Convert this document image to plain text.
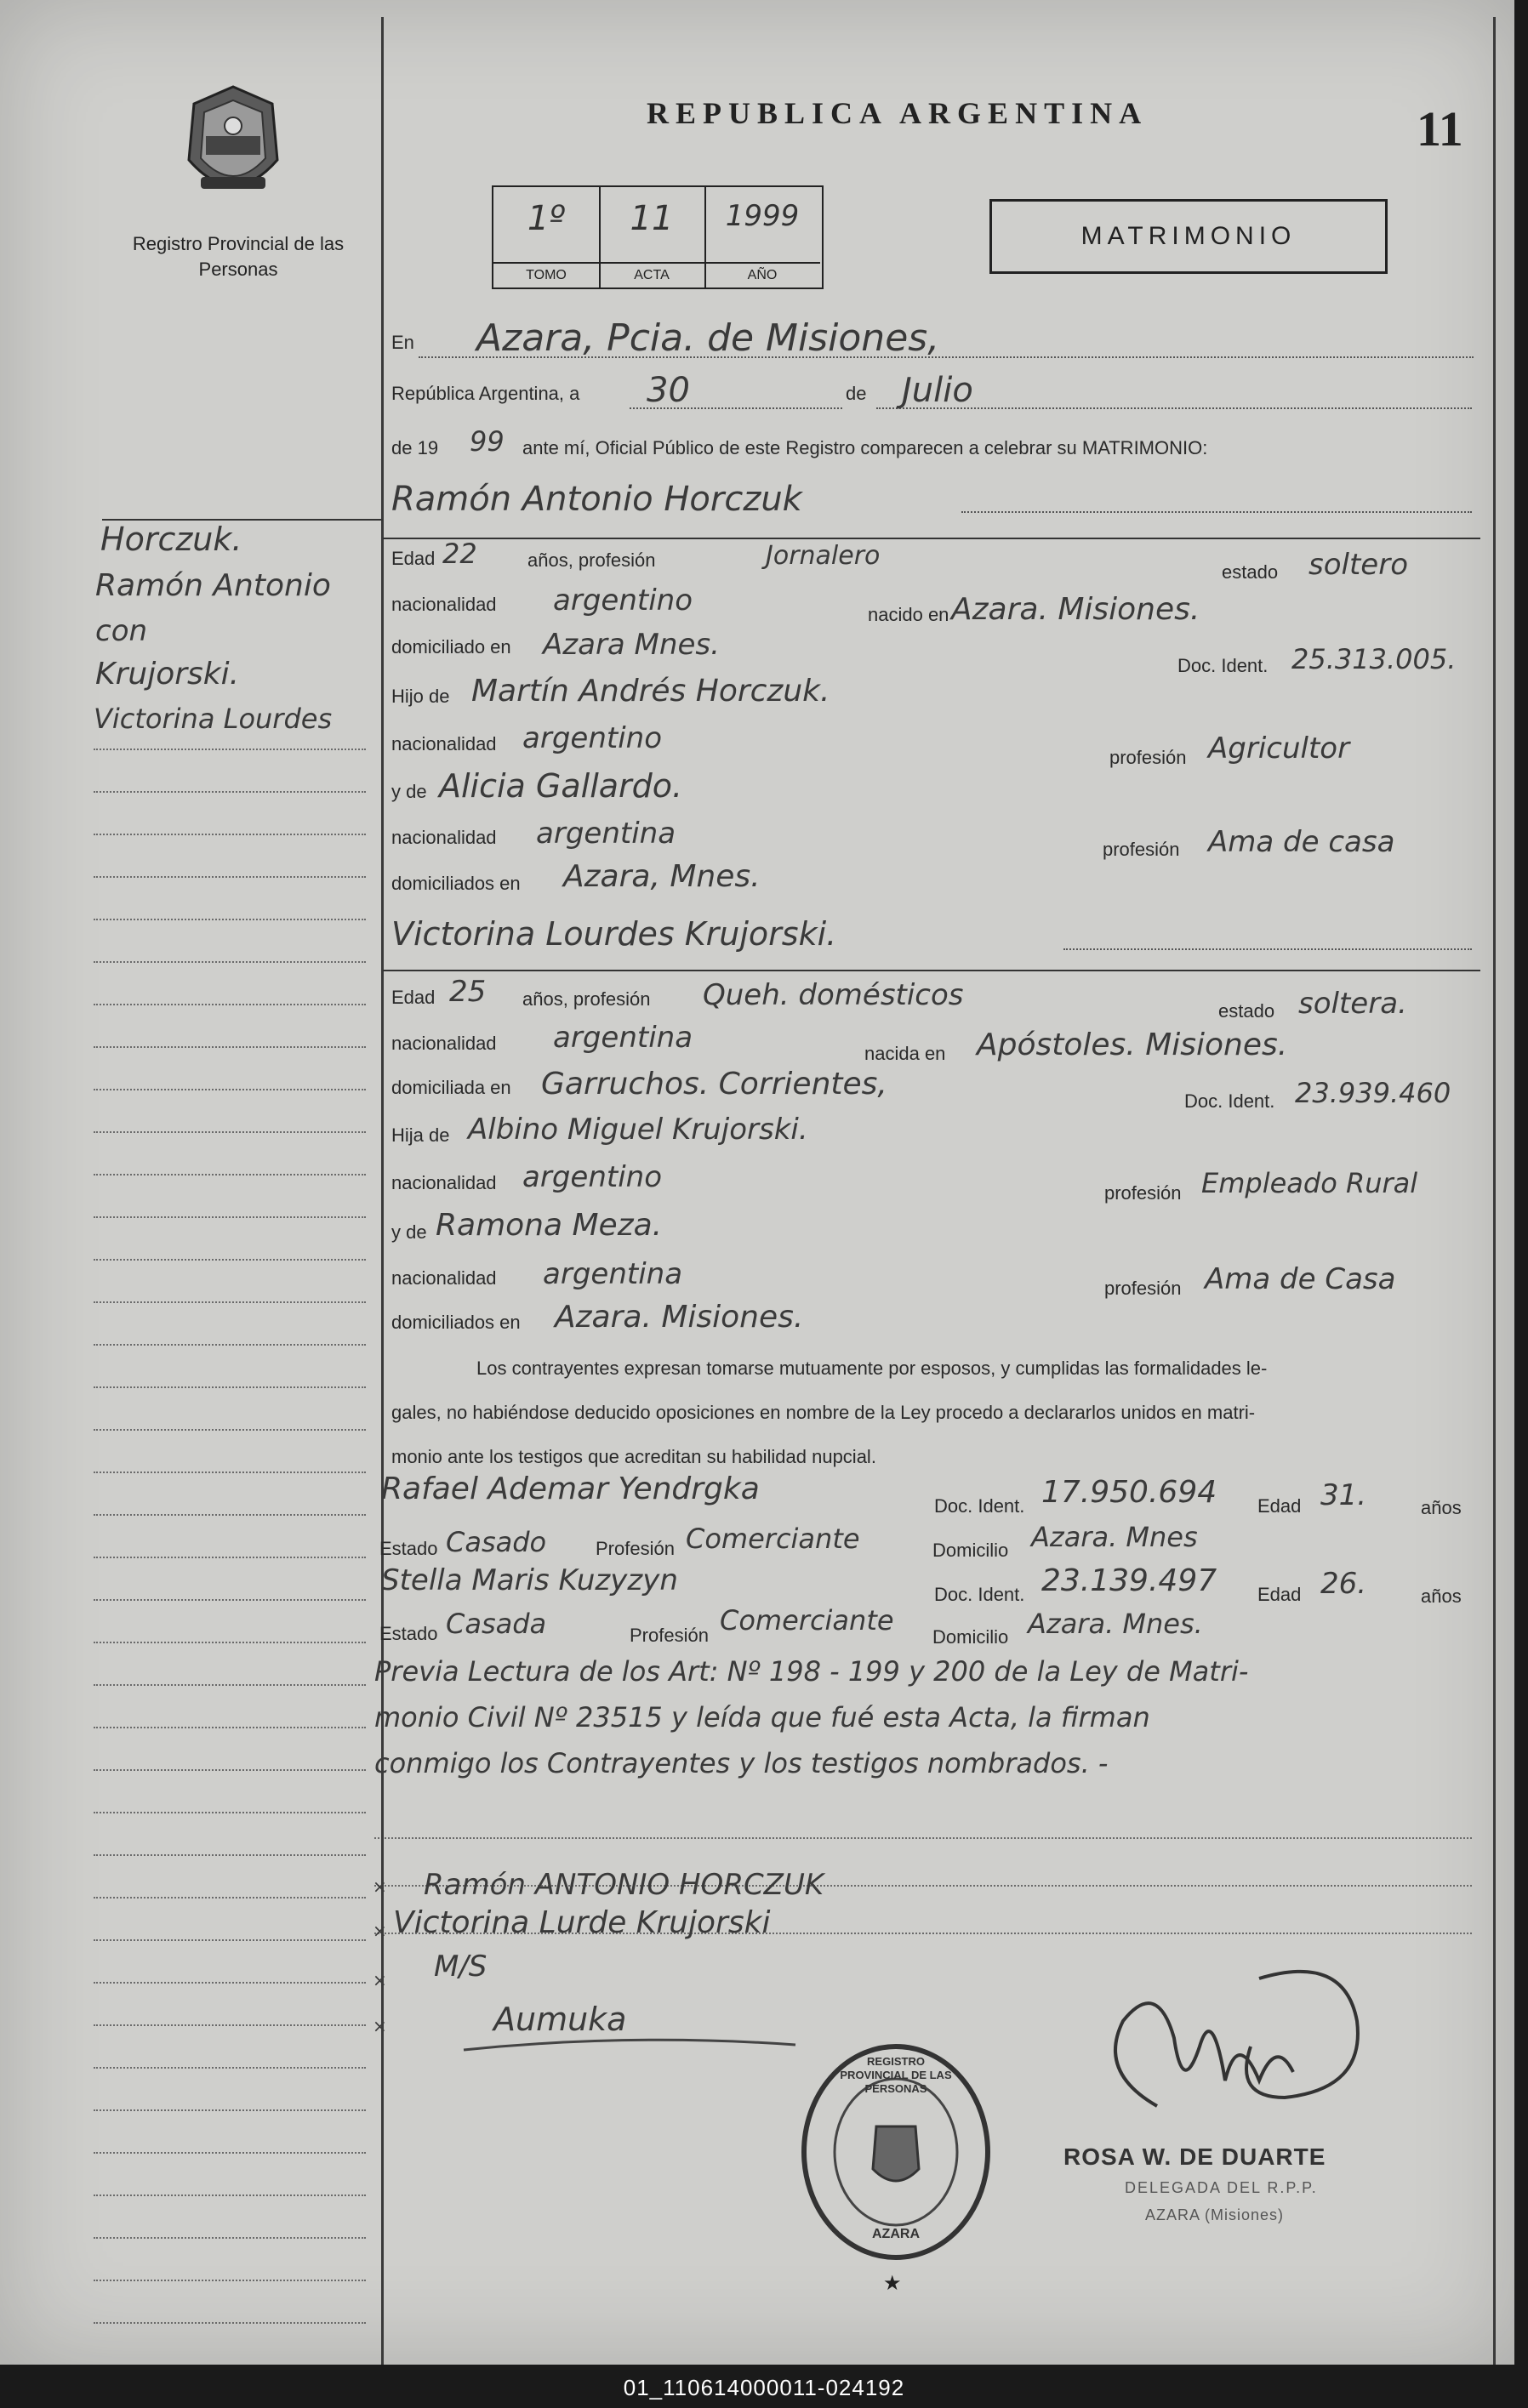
Registro Provincial de las Personas
REPUBLICA ARGENTINA	11
1º
TOMO
11
ACTA
1999
AÑO
MATRIMONIO
Horczuk.
Ramón Antonio
con
Krujorski.
Victorina Lourdes
En Azara, Pcia. de Misiones,
República Argentina, a 30	de Julio
de 19 99 ante mí, Oficial Público de este Registro comparecen a celebrar su MATRIMONIO:
Ramón Antonio Horczuk
Edad 22	años, profesión	Jornalero
estado soltero
nacionalidad argentino	nacido en Azara. Misiones.
domiciliado en Azara Mnes.
Doc. Ident. 25.313.005.
Hijo de Martín Andrés Horczuk.
nacionalidad argentino
profesión Agricultor
y de Alicia Gallardo.
nacionalidad argentina	profesión Ama de casa
domiciliados en Azara, Mnes.
Victorina Lourdes Krujorski.
Edad 25 años, profesión Queh. domésticos	estado soltera.
nacionalidad argentina	nacida en Apóstoles. Misiones.
domiciliada en Garruchos. Corrientes,	Doc. Ident. 23.939.460
Hija de Albino Miguel Krujorski.
nacionalidad argentino	profesión Empleado Rural
y de Ramona Meza.
nacionalidad argentina	profesión Ama de Casa
domiciliados en Azara. Misiones.
Los contrayentes expresan tomarse mutuamente por esposos, y cumplidas las formalidades le-
gales, no habiéndose deducido oposiciones en nombre de la Ley procedo a declararlos unidos en matri-
monio ante los testigos que acreditan su habilidad nupcial.
Rafael Ademar Yendrgka	Doc. Ident. 17.950.694 Edad 31.	años
Estado Casado	Profesión Comerciante	Domicilio Azara. Mnes
Stella Maris Kuzyzyn	Doc. Ident. 23.139.497 Edad 26.	años
Estado Casada	Profesión Comerciante
Domicilio Azara. Mnes.
Previa Lectura de los Art: Nº 198 - 199 y 200 de la Ley de Matri-
monio Civil Nº 23515 y leída que fué esta Acta, la firman
conmigo los Contrayentes y los testigos nombrados. -
× Ramón ANTONIO HORCZUK
× Victorina Lurde Krujorski
× M/S
×	Aumuka
REGISTRO PROVINCIAL DE LAS PERSONAS
AZARA
★
ROSA W. DE DUARTE
DELEGADA DEL R.P.P.
AZARA (Misiones)
01_110614000011-024192
